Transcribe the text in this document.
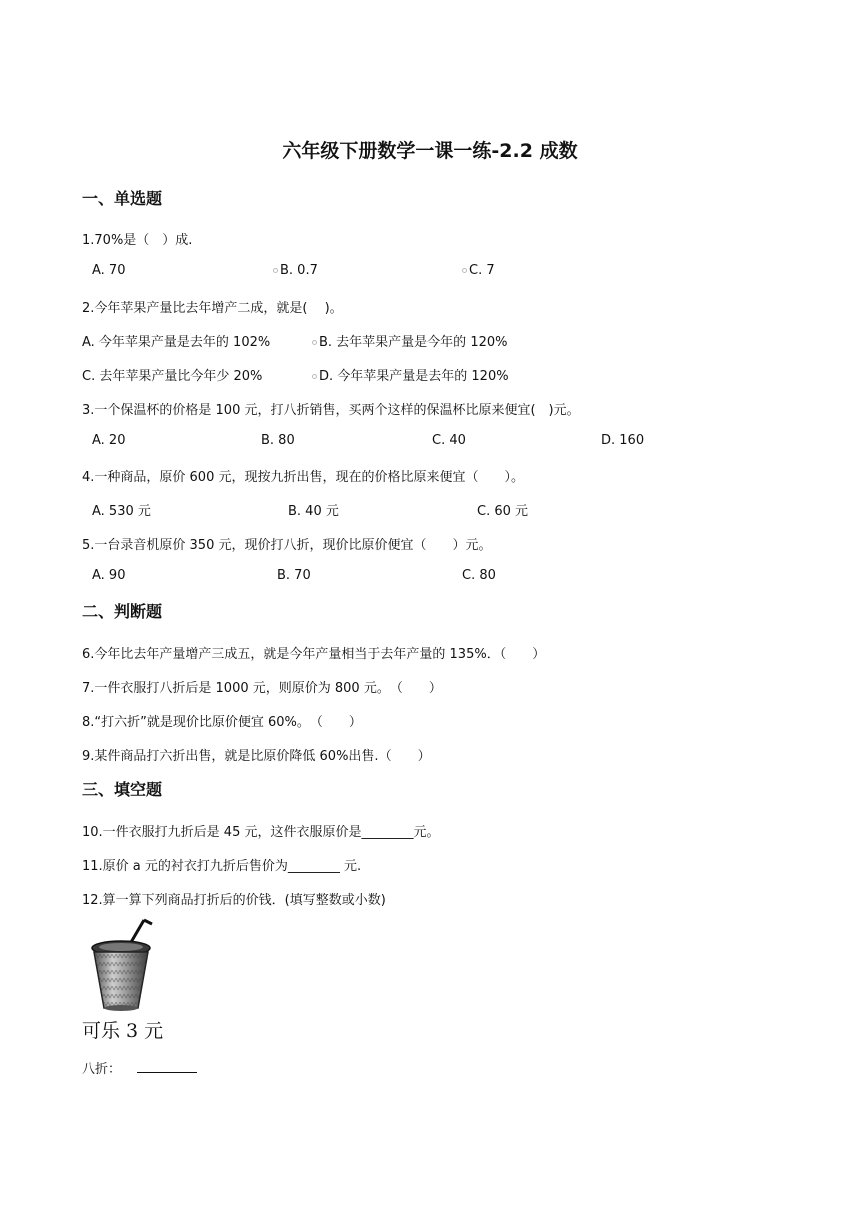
六年级下册数学一课一练-2.2 成数
一、单选题
1.70%是（　）成.
A. 70	B. 0.7	C. 7
2.今年苹果产量比去年增产二成，就是(　 )。
A. 今年苹果产量是去年的 102%	B. 去年苹果产量是今年的 120%
C. 去年苹果产量比今年少 20%	D. 今年苹果产量是去年的 120%
3.一个保温杯的价格是 100 元，打八折销售，买两个这样的保温杯比原来便宜(　)元。
A. 20	B. 80	C. 40	D. 160
4.一种商品，原价 600 元，现按九折出售，现在的价格比原来便宜（　　）。
A. 530 元	B. 40 元	C. 60 元
5.一台录音机原价 350 元，现价打八折，现价比原价便宜（　　）元。
A. 90	B. 70	C. 80
二、判断题
6.今年比去年产量增产三成五，就是今年产量相当于去年产量的 135%．（　　）
7.一件衣服打八折后是 1000 元，则原价为 800 元。　（　　）
8.“打六折”就是现价比原价便宜 60%。　（　　）
9.某件商品打六折出售，就是比原价降低 60%出售.（　　）
三、填空题
10.一件衣服打九折后是 45 元，这件衣服原价是________元。
11.原价 a 元的衬衣打九折后售价为________ 元.
12.算一算下列商品打折后的价钱．(填写整数或小数)
可乐 3 元
八折：
